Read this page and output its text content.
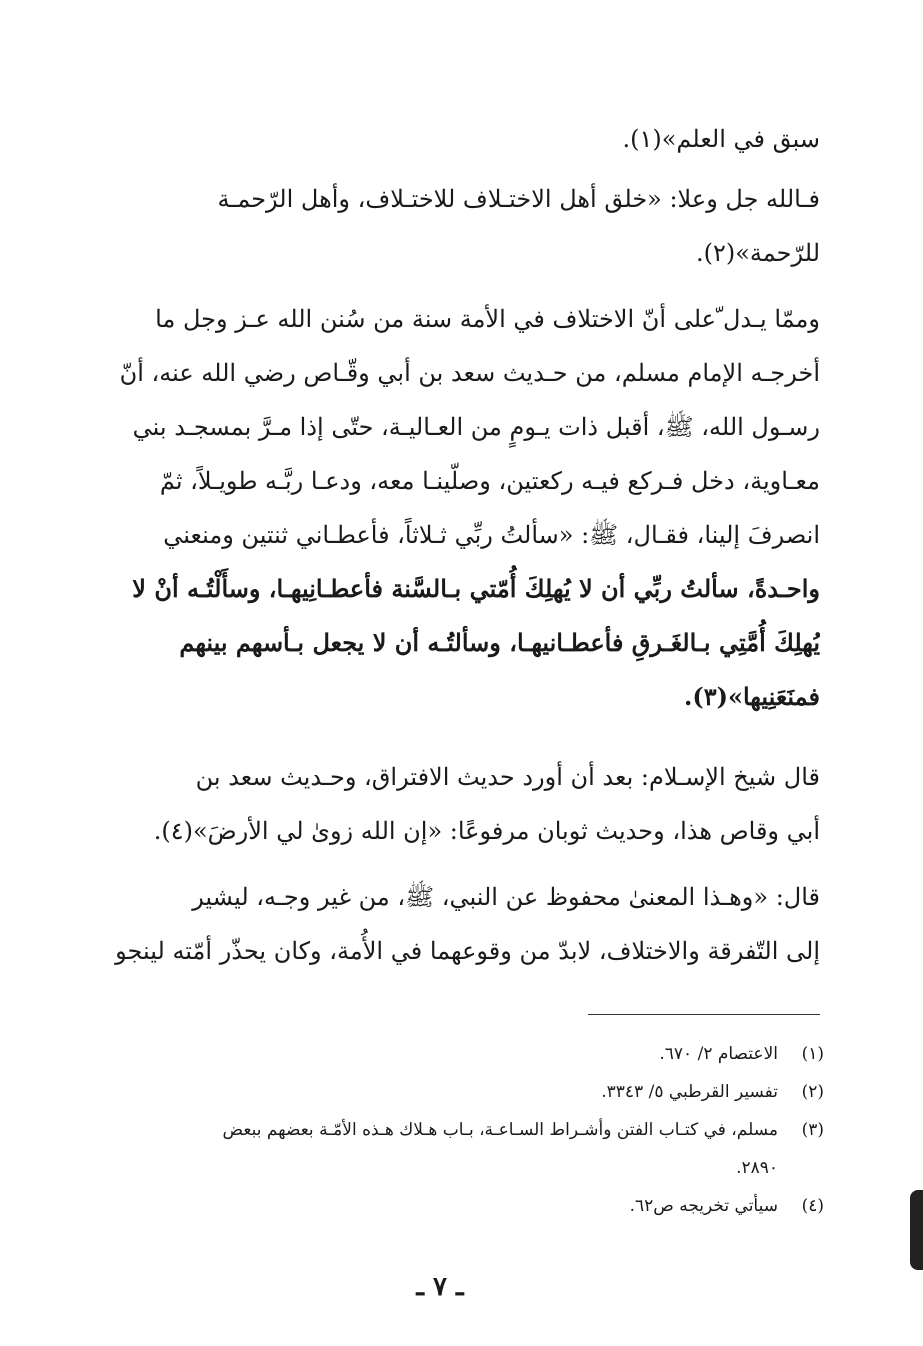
سبق في العلم»(١).
فـالله جل وعلا: «خلق أهل الاختـلاف للاختـلاف، وأهل الرّحمـة
للرّحمة»(٢).
وممّا يـدل ّعلى أنّ الاختلاف في الأمة سنة من سُنن الله عـز وجل ما
أخرجـه الإمام مسلم، من حـديث سعد بن أبي وقّـاص رضي الله عنه، أنّ
رسـول الله، ﷺ، أقبل ذات يـومٍ من العـاليـة، حتّى إذا مـرَّ بمسجـد بني
معـاوية، دخل فـركع فيـه ركعتين، وصلّينـا معه، ودعـا ربَّـه طويـلاً، ثمّ
انصرفَ إلينا، فقـال، ﷺ: «سألتُ ربِّي ثـلاثاً، فأعطـاني ثنتين ومنعني
واحـدةً، سألتُ ربِّي أن لا يُهلِكَ أُمّتي بـالسَّنة فأعطـانِيهـا، وسأَلْتُـه أنْ لا
يُهلِكَ أُمَّتِي بـالغَـرقِ فأعطـانيهـا، وسألتُـه أن لا يجعل بـأسهم بينهم
فمنَعَنِيها»(٣).
قال شيخ الإسـلام: بعد أن أورد حديث الافتراق، وحـديث سعد بن
أبي وقاص هذا، وحديث ثوبان مرفوعًا: «إن الله زوىٰ لي الأرضَ»(٤).
قال: «وهـذا المعنىٰ محفوظ عن النبي، ﷺ، من غير وجـه، ليشير
إلى التّفرقة والاختلاف، لابدّ من وقوعهما في الأُمة، وكان يحذّر أمّته لينجو
(١)
الاعتصام ٢/ ٦٧٠.
(٢)
تفسير القرطبي ٥/ ٣٣٤٣.
(٣)
مسلم، في كتـاب الفتن وأشـراط السـاعـة، بـاب هـلاك هـذه الأمّـة بعضهم ببعض
٢٨٩٠.
(٤)
سيأتي تخريجه ص٦٢.
ـ ٧ ـ
